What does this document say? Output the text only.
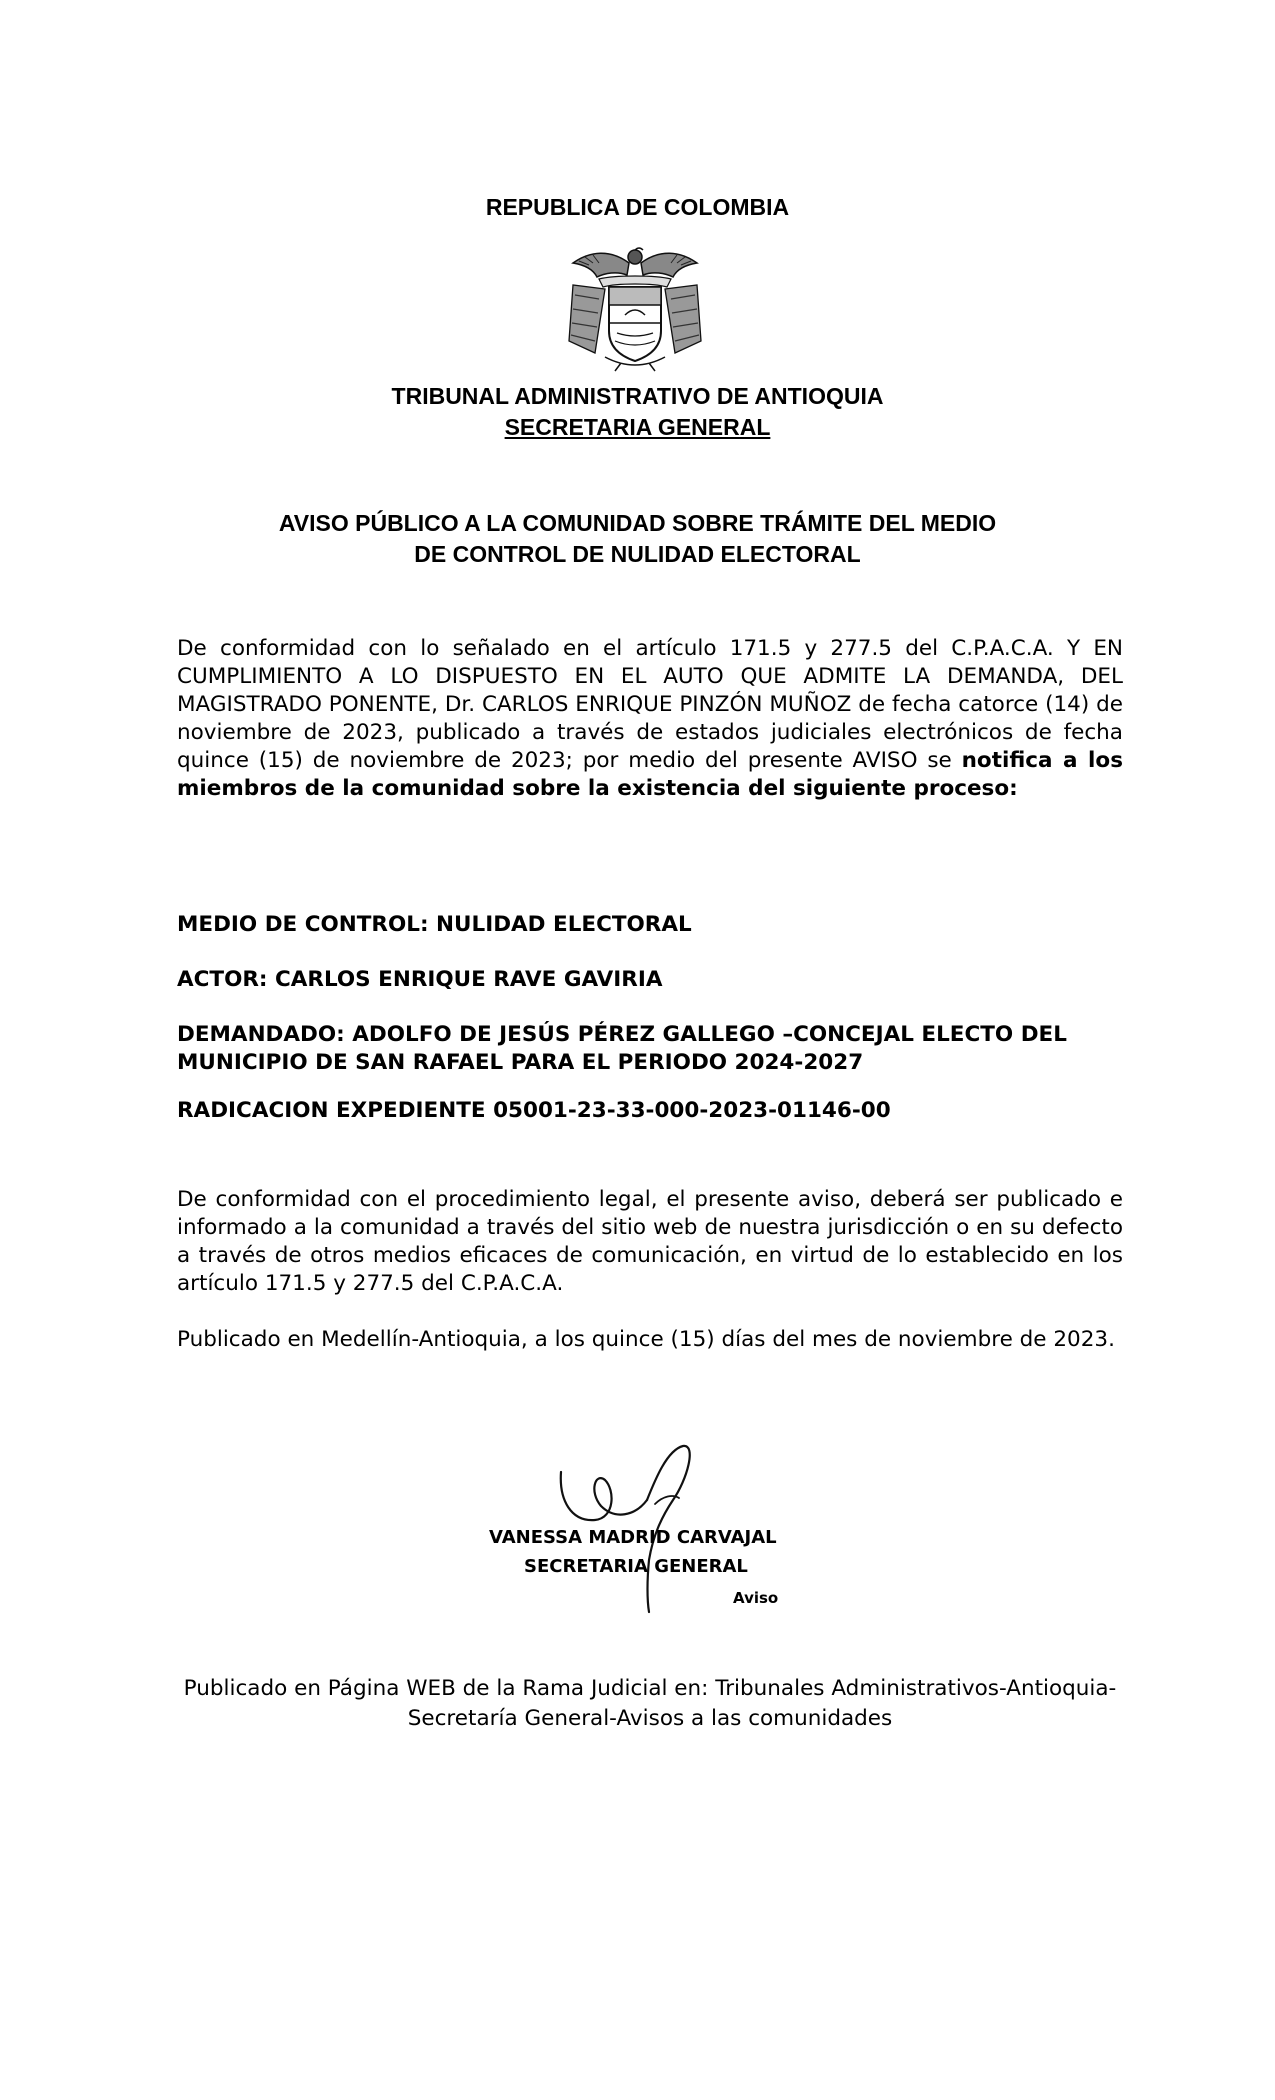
REPUBLICA DE COLOMBIA
TRIBUNAL ADMINISTRATIVO DE ANTIOQUIA
SECRETARIA GENERAL
AVISO PÚBLICO A LA COMUNIDAD SOBRE TRÁMITE DEL MEDIO
DE CONTROL DE NULIDAD ELECTORAL
De conformidad con lo señalado en el artículo 171.5 y 277.5 del C.P.A.C.A. Y EN CUMPLIMIENTO A LO DISPUESTO EN EL AUTO QUE ADMITE LA DEMANDA, DEL MAGISTRADO PONENTE, Dr. CARLOS ENRIQUE PINZÓN MUÑOZ de fecha catorce (14) de noviembre de 2023, publicado a través de estados judiciales electrónicos de fecha quince (15) de noviembre de 2023; por medio del presente AVISO se notifica a los miembros de la comunidad sobre la existencia del siguiente proceso:
MEDIO DE CONTROL: NULIDAD ELECTORAL
ACTOR: CARLOS ENRIQUE RAVE GAVIRIA
DEMANDADO: ADOLFO DE JESÚS PÉREZ GALLEGO –CONCEJAL ELECTO DEL MUNICIPIO DE SAN RAFAEL PARA EL PERIODO 2024-2027
RADICACION EXPEDIENTE 05001-23-33-000-2023-01146-00
De conformidad con el procedimiento legal, el presente aviso, deberá ser publicado e informado a la comunidad a través del sitio web de nuestra jurisdicción o en su defecto a través de otros medios eficaces de comunicación, en virtud de lo establecido en los artículo 171.5 y 277.5 del C.P.A.C.A.
Publicado en Medellín-Antioquia, a los quince (15) días del mes de noviembre de 2023.
VANESSA MADRID CARVAJAL
SECRETARIA GENERAL
Aviso
Publicado en Página WEB de la Rama Judicial en: Tribunales Administrativos-Antioquia-Secretaría General-Avisos a las comunidades
